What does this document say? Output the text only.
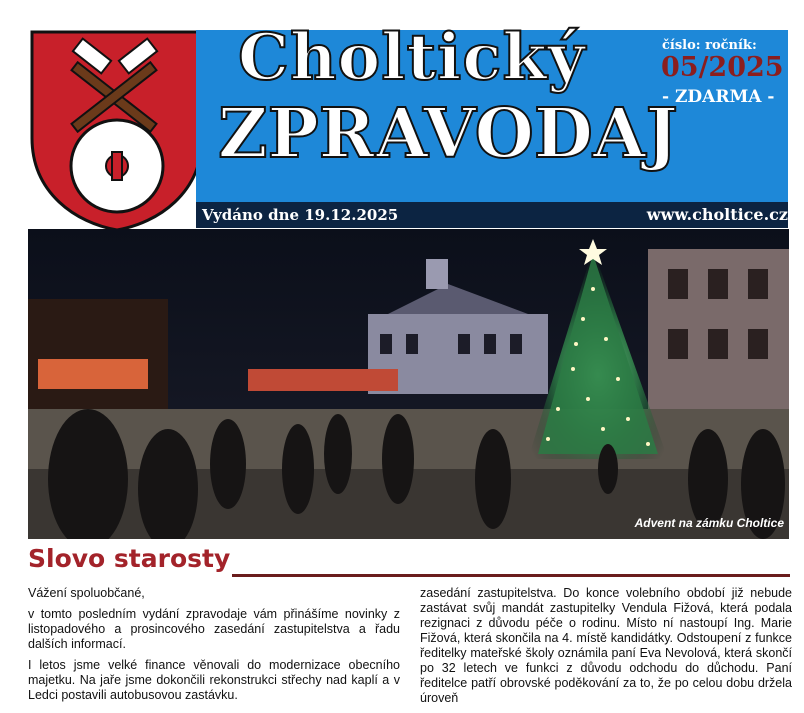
Choltický
ZPRAVODAJ
číslo: ročník:
05/2025
- ZDARMA -
Vydáno dne 19.12.2025	www.choltice.cz
Advent na zámku Choltice
Slovo starosty

Vážení spoluobčané,

v tomto posledním vydání zpravodaje vám přinášíme novinky z listopadového a prosincového zasedání zastupitelstva a řadu dalších informací.

I letos jsme velké finance věnovali do modernizace obecního majetku. Na jaře jsme dokončili rekonstrukci střechy nad kaplí a v Ledci postavili autobusovou zastávku.

zasedání zastupitelstva. Do konce volebního období již nebude zastávat svůj mandát zastupitelky Vendula Fižová, která podala rezignaci z důvodu péče o rodinu. Místo ní nastoupí Ing. Marie Fižová, která skončila na 4. místě kandidátky. Odstoupení z funkce ředitelky mateřské školy oznámila paní Eva Nevolová, která skončí po 32 letech ve funkci z důvodu odchodu do důchodu. Paní ředitelce patří obrovské poděkování za to, že po celou dobu držela úroveň
